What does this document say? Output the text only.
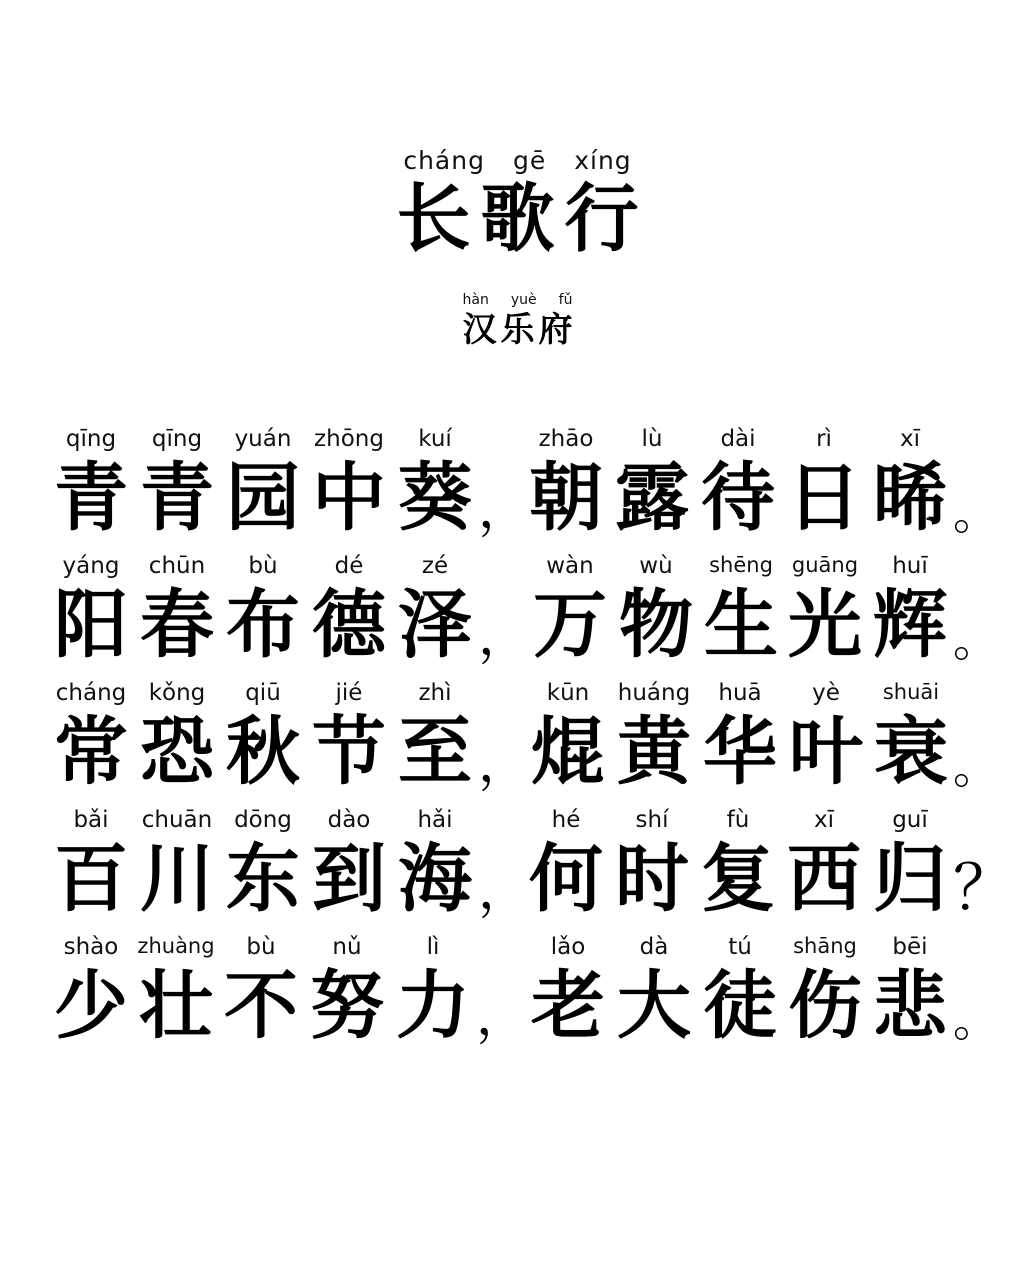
cháng gē xíng
长歌行
hàn yuè fǔ
汉乐府
qīng
青
qīng
青
yuán
园
zhōng
中
kuí
葵 ，
zhāo
朝
lù
露
dài
待
rì
日
xī
晞 。
yáng
阳
chūn
春
bù
布
dé
德
zé
泽 ，
wàn
万
wù
物
shēng
生
guāng
光
huī
辉 。
cháng
常
kǒng
恐
qiū
秋
jié
节
zhì
至 ，
kūn
焜
huáng
黄
huā
华
yè
叶
shuāi
衰 。
bǎi
百
chuān
川
dōng
东
dào
到
hǎi
海 ，
hé
何
shí
时
fù
复
xī
西
guī
归 ？
shào
少
zhuàng
壮
bù
不
nǔ
努
lì
力 ，
lǎo
老
dà
大
tú
徒
shāng
伤
bēi
悲 。
